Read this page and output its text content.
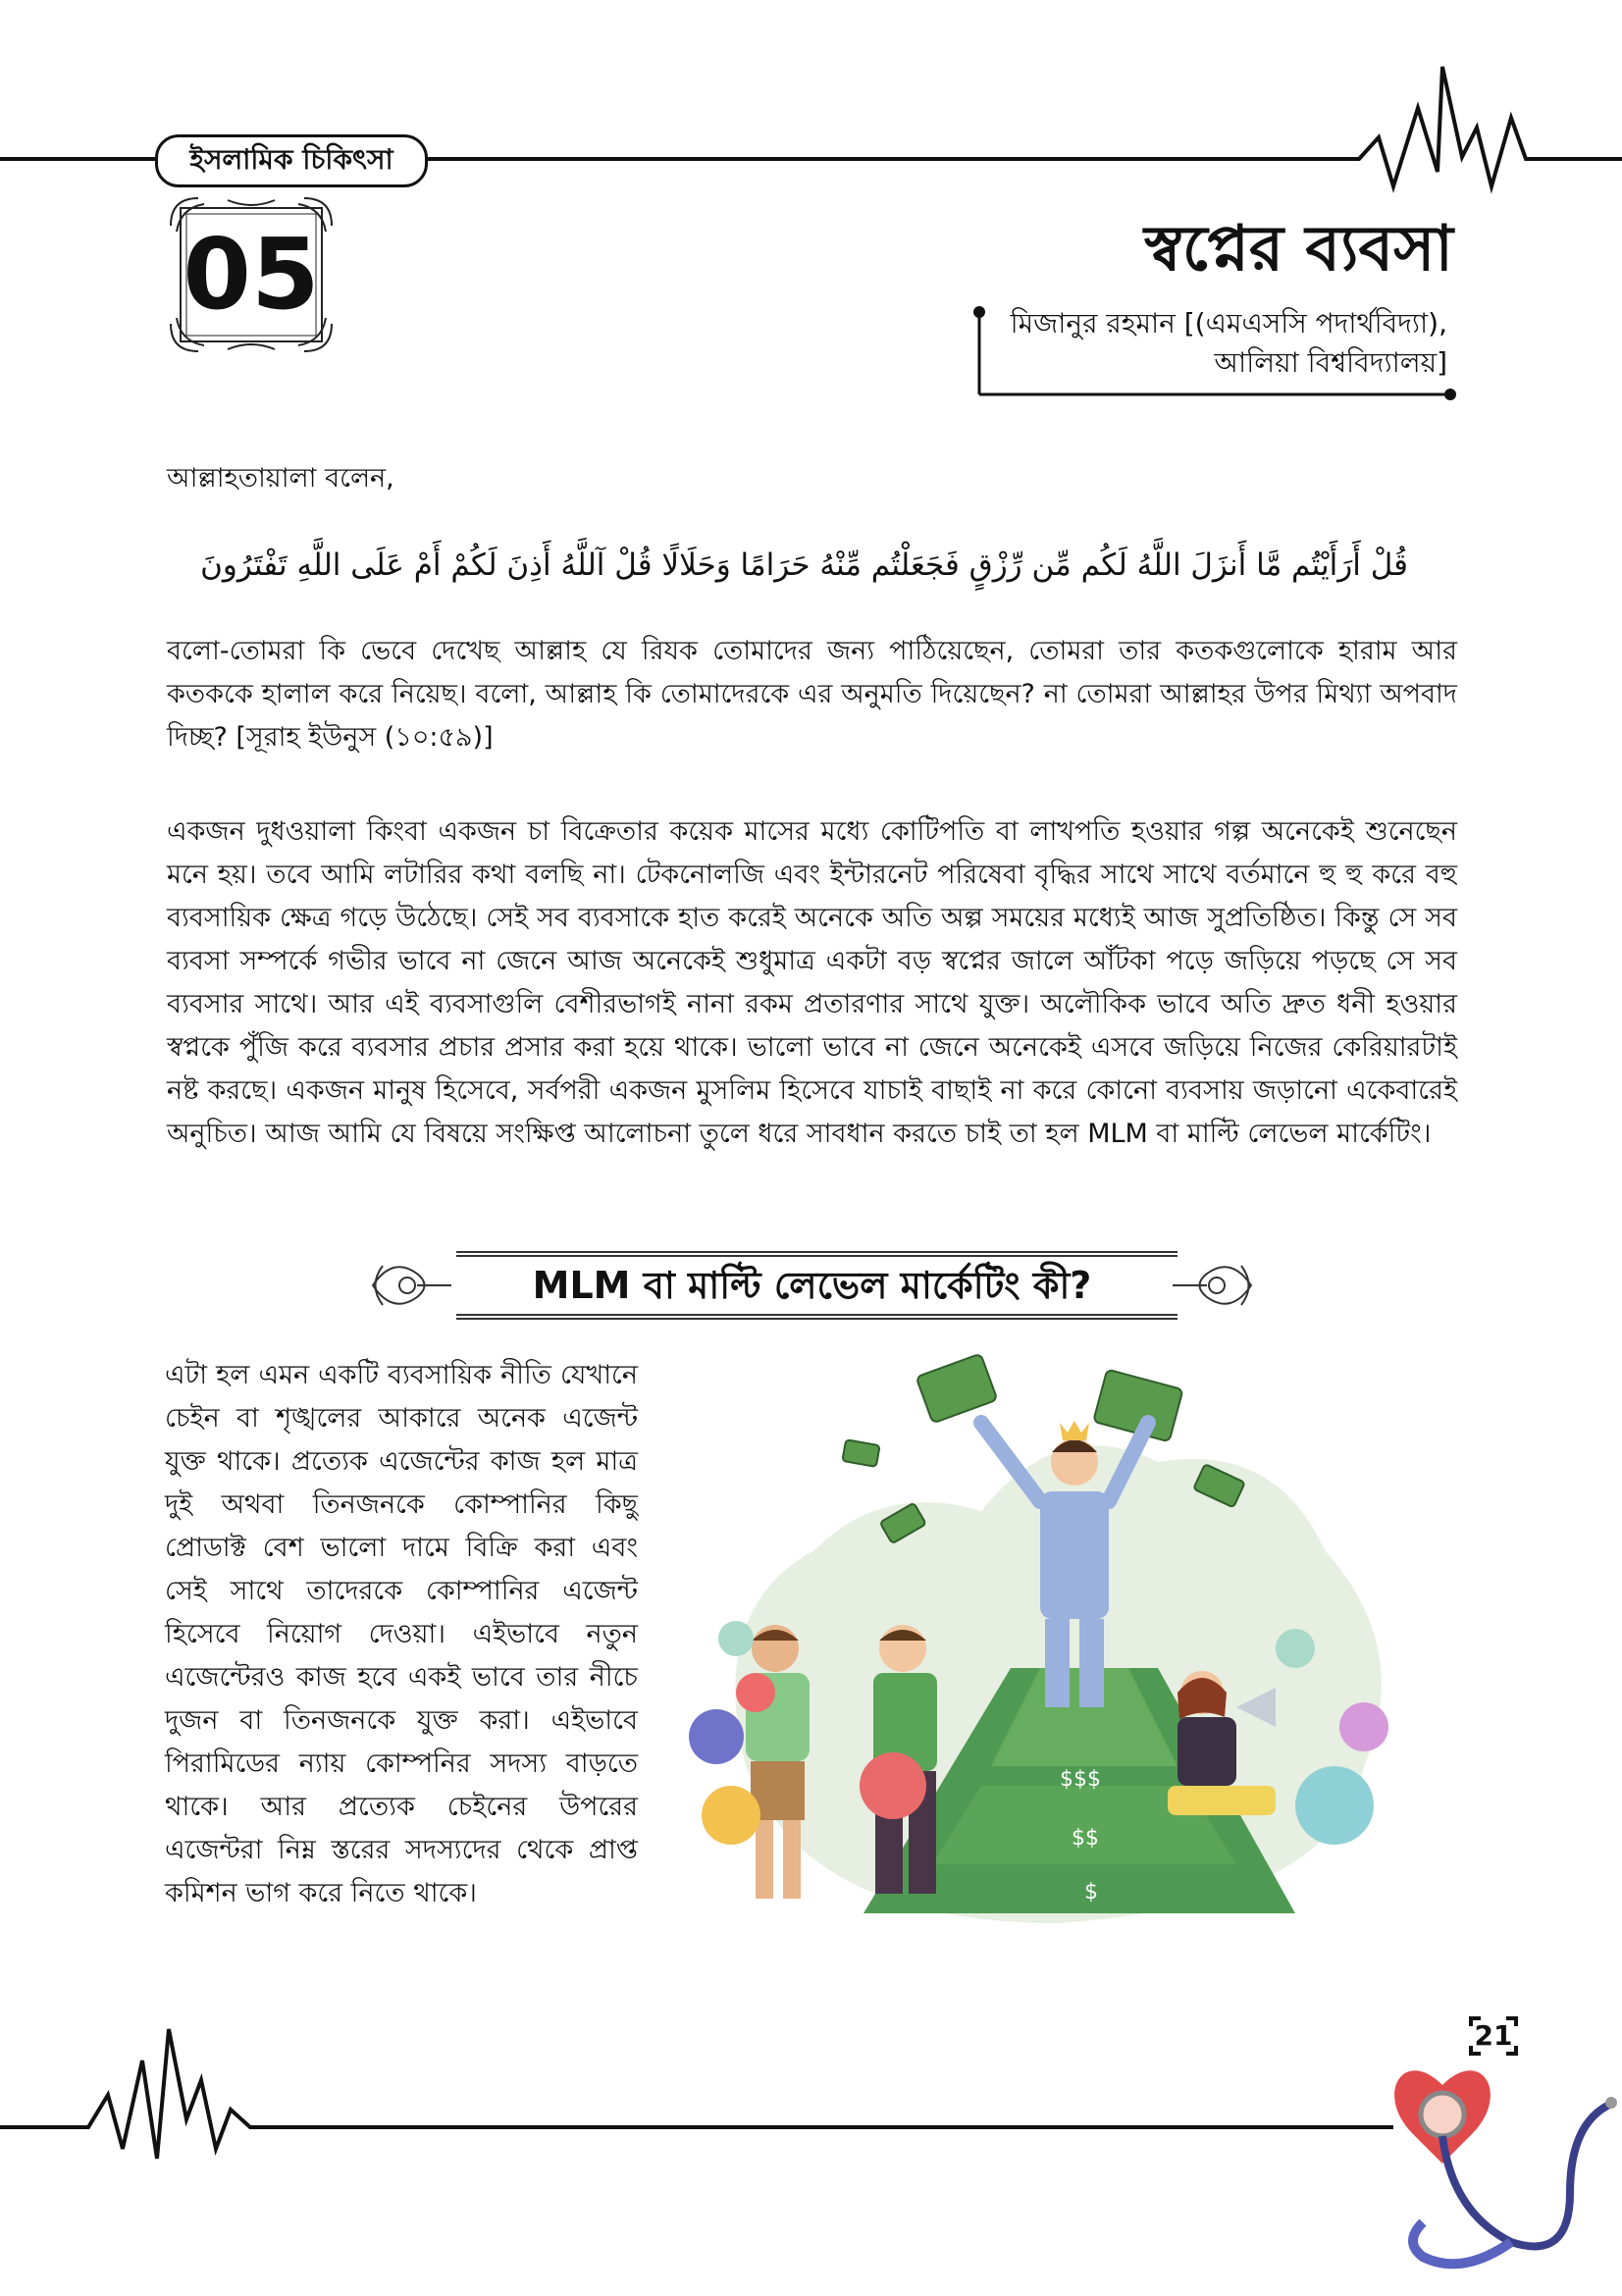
ইসলামিক চিকিৎসা
05	স্বপ্নের ব্যবসা
মিজানুর রহমান [(এমএসসি পদার্থবিদ্যা),
আলিয়া বিশ্ববিদ্যালয়]
আল্লাহতায়ালা বলেন,
قُلْ أَرَأَيْتُم مَّا أَنزَلَ اللَّهُ لَكُم مِّن رِّزْقٍ فَجَعَلْتُم مِّنْهُ حَرَامًا وَحَلَالًا قُلْ آللَّهُ أَذِنَ لَكُمْ أَمْ عَلَى اللَّهِ تَفْتَرُونَ
বলো-তোমরা কি ভেবে দেখেছ আল্লাহ যে রিযক তোমাদের জন্য পাঠিয়েছেন, তোমরা তার কতকগুলোকে হারাম আর কতককে হালাল করে নিয়েছ। বলো, আল্লাহ কি তোমাদেরকে এর অনুমতি দিয়েছেন? না তোমরা আল্লাহর উপর মিথ্যা অপবাদ দিচ্ছ? [সূরাহ ইউনুস (১০:৫৯)]
একজন দুধওয়ালা কিংবা একজন চা বিক্রেতার কয়েক মাসের মধ্যে কোটিপতি বা লাখপতি হওয়ার গল্প অনেকেই শুনেছেন মনে হয়। তবে আমি লটারির কথা বলছি না। টেকনোলজি এবং ইন্টারনেট পরিষেবা বৃদ্ধির সাথে সাথে বর্তমানে হু হু করে বহু ব্যবসায়িক ক্ষেত্র গড়ে উঠেছে। সেই সব ব্যবসাকে হাত করেই অনেকে অতি অল্প সময়ের মধ্যেই আজ সুপ্রতিষ্ঠিত। কিন্তু সে সব ব্যবসা সম্পর্কে গভীর ভাবে না জেনে আজ অনেকেই শুধুমাত্র একটা বড় স্বপ্নের জালে আঁটকা পড়ে জড়িয়ে পড়ছে সে সব ব্যবসার সাথে। আর এই ব্যবসাগুলি বেশীরভাগই নানা রকম প্রতারণার সাথে যুক্ত। অলৌকিক ভাবে অতি দ্রুত ধনী হওয়ার স্বপ্নকে পুঁজি করে ব্যবসার প্রচার প্রসার করা হয়ে থাকে। ভালো ভাবে না জেনে অনেকেই এসবে জড়িয়ে নিজের কেরিয়ারটাই নষ্ট করছে। একজন মানুষ হিসেবে, সর্বপরী একজন মুসলিম হিসেবে যাচাই বাছাই না করে কোনো ব্যবসায় জড়ানো একেবারেই অনুচিত। আজ আমি যে বিষয়ে সংক্ষিপ্ত আলোচনা তুলে ধরে সাবধান করতে চাই তা হল MLM বা মাল্টি লেভেল মার্কেটিং।
MLM বা মাল্টি লেভেল মার্কেটিং কী?
এটা হল এমন একটি ব্যবসায়িক নীতি যেখানে চেইন বা শৃঙ্খলের আকারে অনেক এজেন্ট যুক্ত থাকে। প্রত্যেক এজেন্টের কাজ হল মাত্র দুই অথবা তিনজনকে কোম্পানির কিছু প্রোডাক্ট বেশ ভালো দামে বিক্রি করা এবং সেই সাথে তাদেরকে কোম্পানির এজেন্ট হিসেবে নিয়োগ দেওয়া। এইভাবে নতুন এজেন্টেরও কাজ হবে একই ভাবে তার নীচে দুজন বা তিনজনকে যুক্ত করা। এইভাবে পিরামিডের ন্যায় কোম্পনির সদস্য বাড়তে থাকে। আর প্রত্যেক চেইনের উপরের এজেন্টরা নিম্ন স্তরের সদস্যদের থেকে প্রাপ্ত কমিশন ভাগ করে নিতে থাকে।
$$$
$$
$
21
